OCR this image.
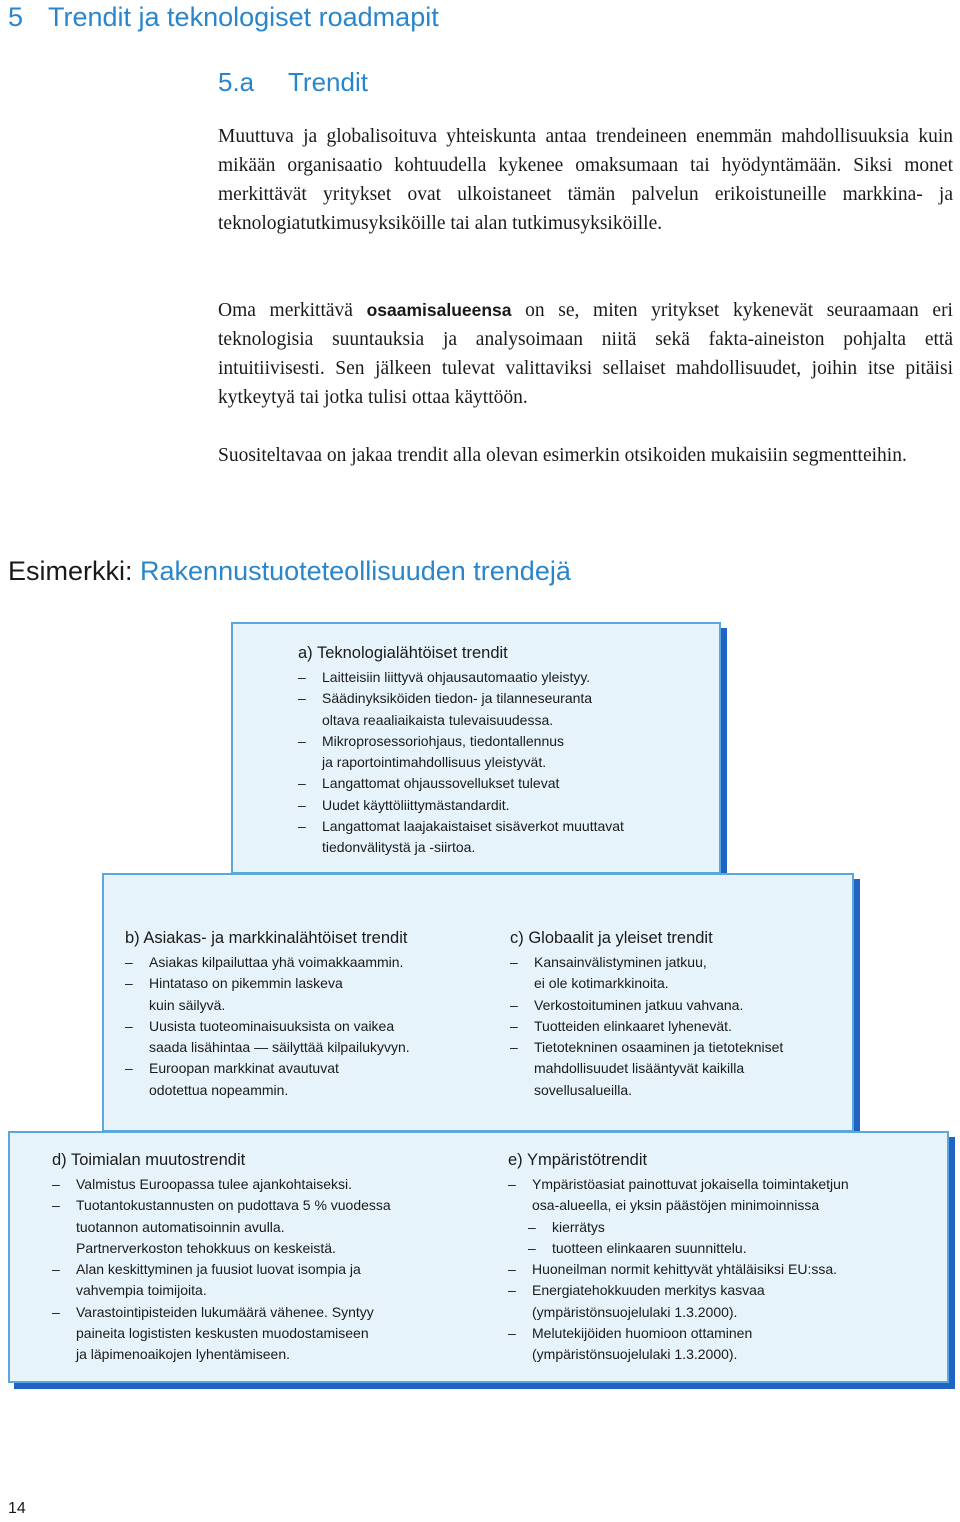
5 Trendit ja teknologiset roadmapit
5.a Trendit

Muuttuva ja globalisoituva yhteiskunta antaa trendeineen enemmän mahdollisuuksia kuin mikään organisaatio kohtuudella kykenee omaksumaan tai hyödyntämään. Siksi monet merkittävät yritykset ovat ulkoistaneet tämän palvelun erikoistuneille markkina- ja teknologiatutkimusyksiköille tai alan tutkimusyksiköille.

Oma merkittävä osaamisalueensa on se, miten yritykset kykenevät seuraamaan eri teknologisia suuntauksia ja analysoimaan niitä sekä fakta-aineiston pohjalta että intuitiivisesti. Sen jälkeen tulevat valittaviksi sellaiset mahdollisuudet, joihin itse pitäisi kytkeytyä tai jotka tulisi ottaa käyttöön.

Suositeltavaa on jakaa trendit alla olevan esimerkin otsikoiden mukaisiin segmentteihin.

Esimerkki: Rakennustuoteteollisuuden trendejä
a) Teknologialähtöiset trendit
– Laitteisiin liittyvä ohjausautomaatio yleistyy.
– Säädinyksiköiden tiedon- ja tilanneseuranta
oltava reaaliaikaista tulevaisuudessa.
– Mikroprosessoriohjaus, tiedontallennus
ja raportointimahdollisuus yleistyvät.
– Langattomat ohjaussovellukset tulevat
– Uudet käyttöliittymästandardit.
– Langattomat laajakaistaiset sisäverkot muuttavat
tiedonvälitystä ja -siirtoa.
b) Asiakas- ja markkinalähtöiset trendit
– Asiakas kilpailuttaa yhä voimakkaammin.
– Hintataso on pikemmin laskeva
kuin säilyvä.
– Uusista tuoteominaisuuksista on vaikea
saada lisähintaa — säilyttää kilpailukyvyn.
– Euroopan markkinat avautuvat
odotettua nopeammin.
c) Globaalit ja yleiset trendit
– Kansainvälistyminen jatkuu,
ei ole kotimarkkinoita.
– Verkostoituminen jatkuu vahvana.
– Tuotteiden elinkaaret lyhenevät.
– Tietotekninen osaaminen ja tietotekniset
mahdollisuudet lisääntyvät kaikilla
sovellusalueilla.
d) Toimialan muutostrendit
– Valmistus Euroopassa tulee ajankohtaiseksi.
– Tuotantokustannusten on pudottava 5 % vuodessa
tuotannon automatisoinnin avulla.
Partnerverkoston tehokkuus on keskeistä.
– Alan keskittyminen ja fuusiot luovat isompia ja
vahvempia toimijoita.
– Varastointipisteiden lukumäärä vähenee. Syntyy
paineita logististen keskusten muodostamiseen
ja läpimenoaikojen lyhentämiseen.
e) Ympäristötrendit
– Ympäristöasiat painottuvat jokaisella toimintaketjun
osa-alueella, ei yksin päästöjen minimoinnissa
– kierrätys
– tuotteen elinkaaren suunnittelu.
– Huoneilman normit kehittyvät yhtäläisiksi EU:ssa.
– Energiatehokkuuden merkitys kasvaa
(ympäristönsuojelulaki 1.3.2000).
– Melutekijöiden huomioon ottaminen
(ympäristönsuojelulaki 1.3.2000).
14
